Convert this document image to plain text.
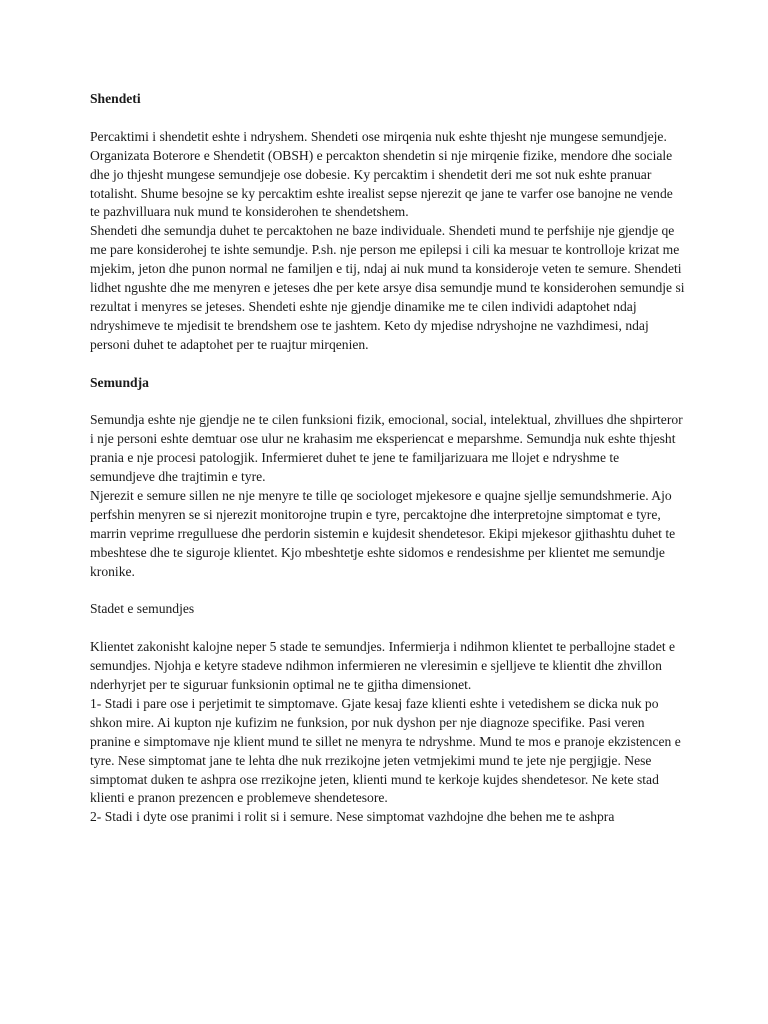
Shendeti

Percaktimi i shendetit eshte i ndryshem. Shendeti ose mirqenia nuk eshte thjesht nje mungese semundjeje. Organizata Boterore e Shendetit (OBSH) e percakton shendetin si nje mirqenie fizike, mendore dhe sociale dhe jo thjesht mungese semundjeje ose dobesie. Ky percaktim i shendetit deri me sot nuk eshte pranuar totalisht. Shume besojne se ky percaktim eshte irealist sepse njerezit qe jane te varfer ose banojne ne vende te pazhvilluara nuk mund te konsiderohen te shendetshem.

Shendeti dhe semundja duhet te percaktohen ne baze individuale. Shendeti mund te perfshije nje gjendje qe me pare konsiderohej te ishte semundje. P.sh. nje person me epilepsi i cili ka mesuar te kontrolloje krizat me mjekim, jeton dhe punon normal ne familjen e tij, ndaj ai nuk mund ta konsideroje veten te semure. Shendeti lidhet ngushte dhe me menyren e jeteses dhe per kete arsye disa semundje mund te konsiderohen semundje si rezultat i menyres se jeteses. Shendeti eshte nje gjendje dinamike me te cilen individi adaptohet ndaj ndryshimeve te mjedisit te brendshem ose te jashtem. Keto dy mjedise ndryshojne ne vazhdimesi, ndaj personi duhet te adaptohet per te ruajtur mirqenien.

Semundja

Semundja eshte nje gjendje ne te cilen funksioni fizik, emocional, social, intelektual, zhvillues dhe shpirteror i nje personi eshte demtuar ose ulur ne krahasim me eksperiencat e meparshme. Semundja nuk eshte thjesht prania e nje procesi patologjik. Infermieret duhet te jene te familjarizuara me llojet e ndryshme te semundjeve dhe trajtimin e tyre.

Njerezit e semure sillen ne nje menyre te tille qe sociologet mjekesore e quajne sjellje semundshmerie. Ajo perfshin menyren se si njerezit monitorojne trupin e tyre, percaktojne dhe interpretojne simptomat e tyre, marrin veprime rregulluese dhe perdorin sistemin e kujdesit shendetesor. Ekipi mjekesor gjithashtu duhet te mbeshtese dhe te siguroje klientet. Kjo mbeshtetje eshte sidomos e rendesishme per klientet me semundje kronike.

Stadet e semundjes

Klientet zakonisht kalojne neper 5 stade te semundjes. Infermierja i ndihmon klientet te perballojne stadet e semundjes. Njohja e ketyre stadeve ndihmon infermieren ne vleresimin e sjelljeve te klientit dhe zhvillon nderhyrjet per te siguruar funksionin optimal ne te gjitha dimensionet.

1- Stadi i pare ose i perjetimit te simptomave. Gjate kesaj faze klienti eshte i vetedishem se dicka nuk po shkon mire. Ai kupton nje kufizim ne funksion, por nuk dyshon per nje diagnoze specifike. Pasi veren pranine e simptomave nje klient mund te sillet ne menyra te ndryshme. Mund te mos e pranoje ekzistencen e tyre. Nese simptomat jane te lehta dhe nuk rrezikojne jeten vetmjekimi mund te jete nje pergjigje. Nese simptomat duken te ashpra ose rrezikojne jeten, klienti mund te kerkoje kujdes shendetesor. Ne kete stad klienti e pranon prezencen e problemeve shendetesore.

2- Stadi i dyte ose pranimi i rolit si i semure. Nese simptomat vazhdojne dhe behen me te ashpra
